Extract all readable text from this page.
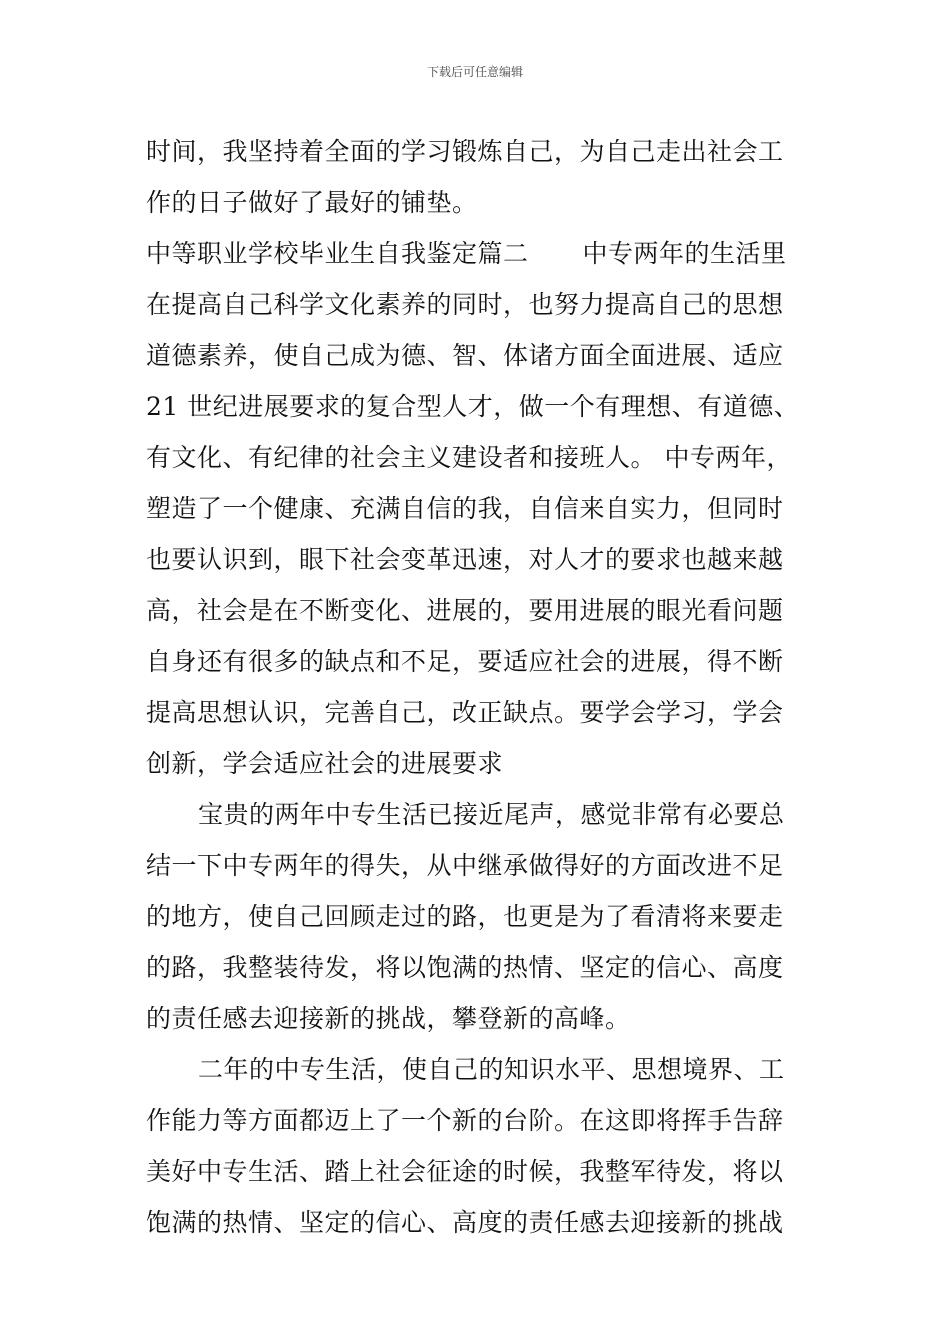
下载后可任意编辑
时间，我坚持着全面的学习锻炼自己，为自己走出社会工
作的日子做好了最好的铺垫。
中等职业学校毕业生自我鉴定篇二 中专两年的生活里
在提高自己科学文化素养的同时，也努力提高自己的思想
道德素养，使自己成为德、智、体诸方面全面进展、适应
21 世纪进展要求的复合型人才，做一个有理想、有道德、
有文化、有纪律的社会主义建设者和接班人。 中专两年，
塑造了一个健康、充满自信的我，自信来自实力，但同时
也要认识到，眼下社会变革迅速，对人才的要求也越来越
高，社会是在不断变化、进展的，要用进展的眼光看问题
自身还有很多的缺点和不足，要适应社会的进展，得不断
提高思想认识，完善自己，改正缺点。要学会学习，学会
创新，学会适应社会的进展要求
宝贵的两年中专生活已接近尾声，感觉非常有必要总
结一下中专两年的得失，从中继承做得好的方面改进不足
的地方，使自己回顾走过的路，也更是为了看清将来要走
的路，我整装待发，将以饱满的热情、坚定的信心、高度
的责任感去迎接新的挑战，攀登新的高峰。
二年的中专生活，使自己的知识水平、思想境界、工
作能力等方面都迈上了一个新的台阶。在这即将挥手告辞
美好中专生活、踏上社会征途的时候，我整军待发，将以
饱满的热情、坚定的信心、高度的责任感去迎接新的挑战
